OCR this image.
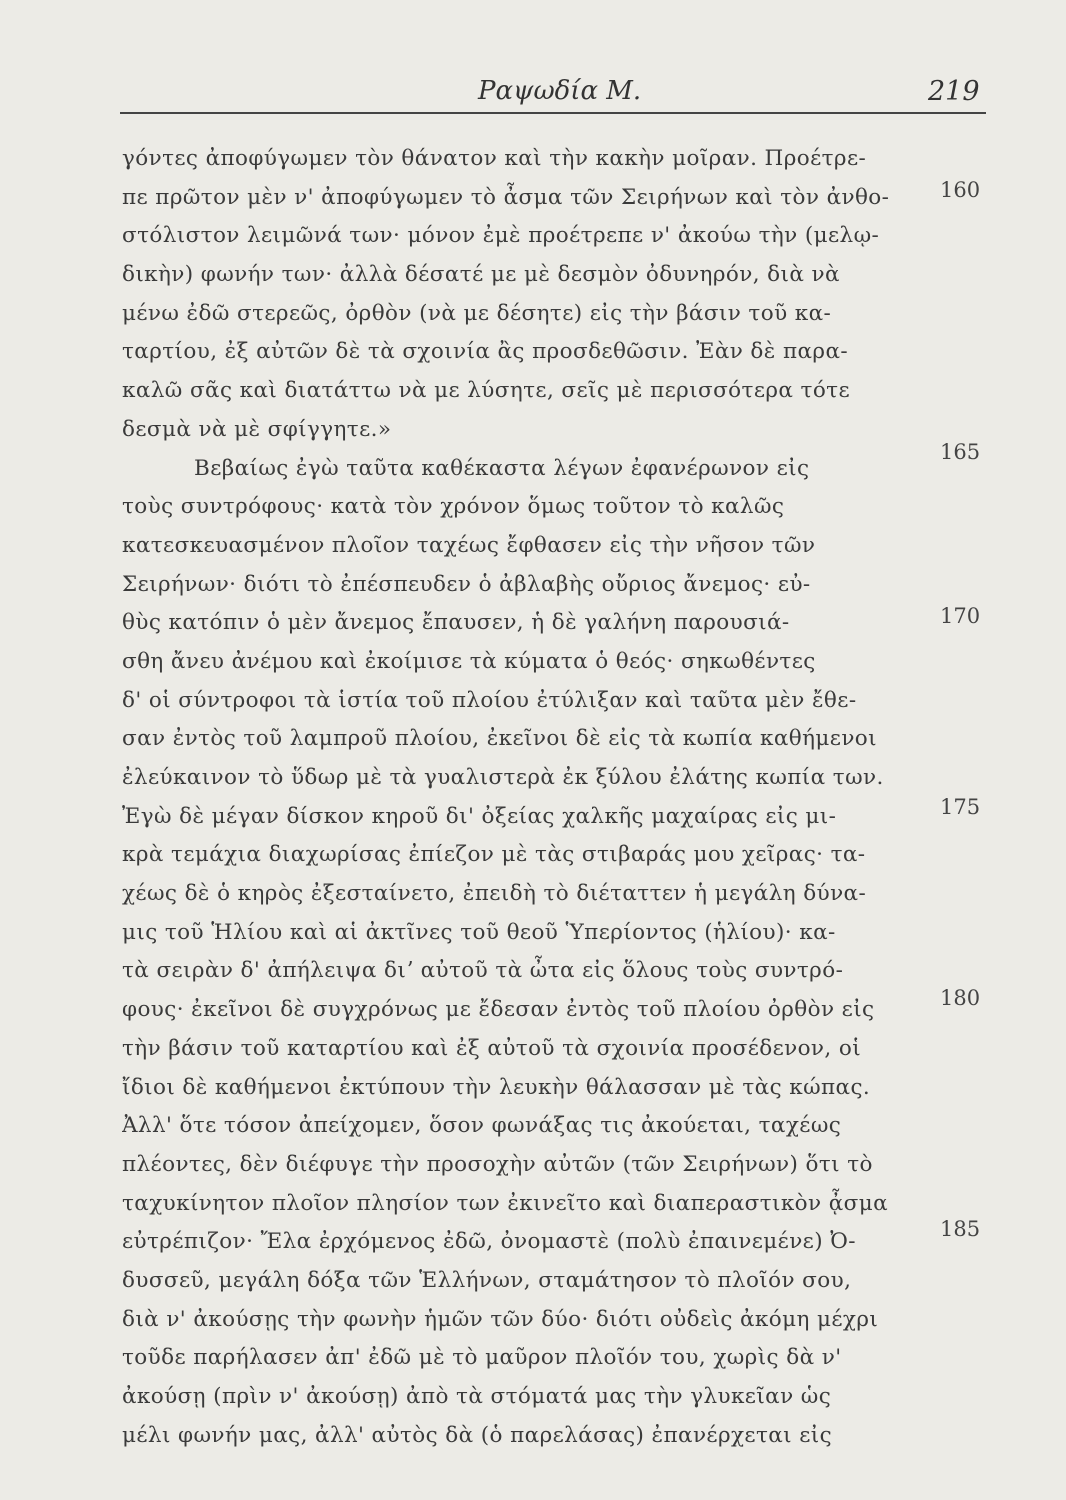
Ραψωδία Μ.	219
γόντες ἀποφύγωμεν τὸν θάνατον καὶ τὴν κακὴν μοῖραν. Προέτρε-
πε πρῶτον μὲν ν' ἀποφύγωμεν τὸ ἆσμα τῶν Σειρήνων καὶ τὸν ἀνθο-
στόλιστον λειμῶνά των· μόνον ἐμὲ προέτρεπε ν' ἀκούω τὴν (μελῳ-
δικὴν) φωνήν των· ἀλλὰ δέσατέ με μὲ δεσμὸν ὀδυνηρόν, διὰ νὰ
μένω ἐδῶ στερεῶς, ὀρθὸν (νὰ με δέσητε) εἰς τὴν βάσιν τοῦ κα-
ταρτίου, ἐξ αὐτῶν δὲ τὰ σχοινία ἂς προσδεθῶσιν. Ἐὰν δὲ παρα-
καλῶ σᾶς καὶ διατάττω νὰ με λύσητε, σεῖς μὲ περισσότερα τότε
δεσμὰ νὰ μὲ σφίγγητε.»
Βεβαίως ἐγὼ ταῦτα καθέκαστα λέγων ἐφανέρωνον εἰς
τοὺς συντρόφους· κατὰ τὸν χρόνον ὅμως τοῦτον τὸ καλῶς
κατεσκευασμένον πλοῖον ταχέως ἔφθασεν εἰς τὴν νῆσον τῶν
Σειρήνων· διότι τὸ ἐπέσπευδεν ὁ ἀβλαβὴς οὔριος ἄνεμος· εὐ-
θὺς κατόπιν ὁ μὲν ἄνεμος ἔπαυσεν, ἡ δὲ γαλήνη παρουσιά-
σθη ἄνευ ἀνέμου καὶ ἐκοίμισε τὰ κύματα ὁ θεός· σηκωθέντες
δ' οἱ σύντροφοι τὰ ἱστία τοῦ πλοίου ἐτύλιξαν καὶ ταῦτα μὲν ἔθε-
σαν ἐντὸς τοῦ λαμπροῦ πλοίου, ἐκεῖνοι δὲ εἰς τὰ κωπία καθήμενοι
ἐλεύκαινον τὸ ὕδωρ μὲ τὰ γυαλιστερὰ ἐκ ξύλου ἐλάτης κωπία των.
Ἐγὼ δὲ μέγαν δίσκον κηροῦ δι' ὀξείας χαλκῆς μαχαίρας εἰς μι-
κρὰ τεμάχια διαχωρίσας ἐπίεζον μὲ τὰς στιβαράς μου χεῖρας· τα-
χέως δὲ ὁ κηρὸς ἐξεσταίνετο, ἐπειδὴ τὸ διέταττεν ἡ μεγάλη δύνα-
μις τοῦ Ἡλίου καὶ αἱ ἀκτῖνες τοῦ θεοῦ Ὑπερίοντος (ἡλίου)· κα-
τὰ σειρὰν δ' ἀπήλειψα διʼ αὐτοῦ τὰ ὦτα εἰς ὅλους τοὺς συντρό-
φους· ἐκεῖνοι δὲ συγχρόνως με ἔδεσαν ἐντὸς τοῦ πλοίου ὀρθὸν εἰς
τὴν βάσιν τοῦ καταρτίου καὶ ἐξ αὐτοῦ τὰ σχοινία προσέδενον, οἱ
ἴδιοι δὲ καθήμενοι ἐκτύπουν τὴν λευκὴν θάλασσαν μὲ τὰς κώπας.
Ἀλλ' ὅτε τόσον ἀπείχομεν, ὅσον φωνάξας τις ἀκούεται, ταχέως
πλέοντες, δὲν διέφυγε τὴν προσοχὴν αὐτῶν (τῶν Σειρήνων) ὅτι τὸ
ταχυκίνητον πλοῖον πλησίον των ἐκινεῖτο καὶ διαπεραστικὸν ᾆσμα
εὐτρέπιζον· Ἔλα ἐρχόμενος ἐδῶ, ὀνομαστὲ (πολὺ ἐπαινεμένε) Ὀ-
δυσσεῦ, μεγάλη δόξα τῶν Ἑλλήνων, σταμάτησον τὸ πλοῖόν σου,
διὰ ν' ἀκούσῃς τὴν φωνὴν ἡμῶν τῶν δύο· διότι οὐδεὶς ἀκόμη μέχρι
τοῦδε παρήλασεν ἀπ' ἐδῶ μὲ τὸ μαῦρον πλοῖόν του, χωρὶς δὰ ν'
ἀκούσῃ (πρὶν ν' ἀκούσῃ) ἀπὸ τὰ στόματά μας τὴν γλυκεῖαν ὡς
μέλι φωνήν μας, ἀλλ' αὐτὸς δὰ (ὁ παρελάσας) ἐπανέρχεται εἰς
160
165
170
175
180
185
